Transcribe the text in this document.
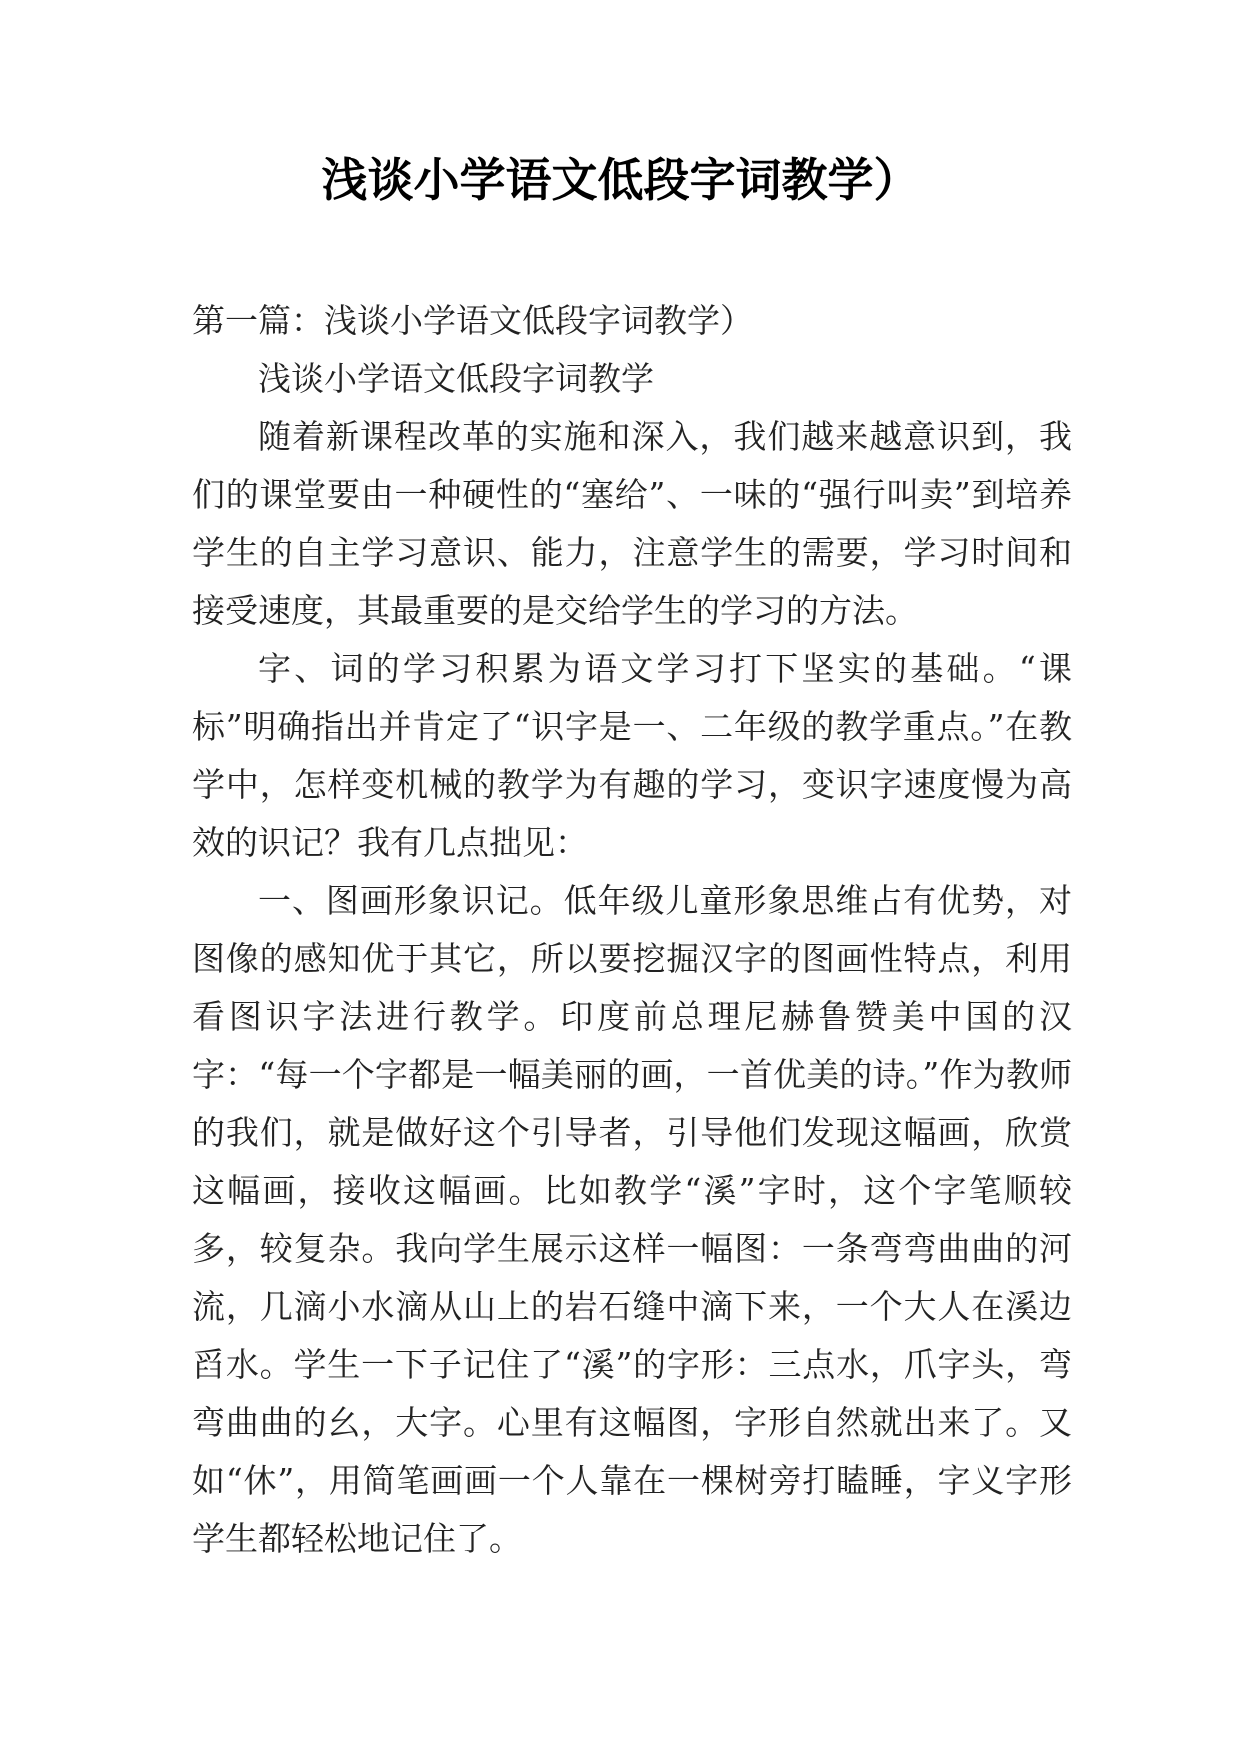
浅谈小学语文低段字词教学）

第一篇：浅谈小学语文低段字词教学）

浅谈小学语文低段字词教学

随着新课程改革的实施和深入，我们越来越意识到，我们的课堂要由一种硬性的“塞给”、一味的“强行叫卖”到培养学生的自主学习意识、能力，注意学生的需要，学习时间和接受速度，其最重要的是交给学生的学习的方法。

字、词的学习积累为语文学习打下坚实的基础。“课标”明确指出并肯定了“识字是一、二年级的教学重点。”在教学中，怎样变机械的教学为有趣的学习，变识字速度慢为高效的识记？我有几点拙见：

一、图画形象识记。低年级儿童形象思维占有优势，对图像的感知优于其它，所以要挖掘汉字的图画性特点，利用看图识字法进行教学。印度前总理尼赫鲁赞美中国的汉字：“每一个字都是一幅美丽的画，一首优美的诗。”作为教师的我们，就是做好这个引导者，引导他们发现这幅画，欣赏这幅画，接收这幅画。比如教学“溪”字时，这个字笔顺较多，较复杂。我向学生展示这样一幅图：一条弯弯曲曲的河流，几滴小水滴从山上的岩石缝中滴下来，一个大人在溪边舀水。学生一下子记住了“溪”的字形：三点水，爪字头，弯弯曲曲的幺，大字。心里有这幅图，字形自然就出来了。又如“休”，用简笔画画一个人靠在一棵树旁打瞌睡，字义字形学生都轻松地记住了。
